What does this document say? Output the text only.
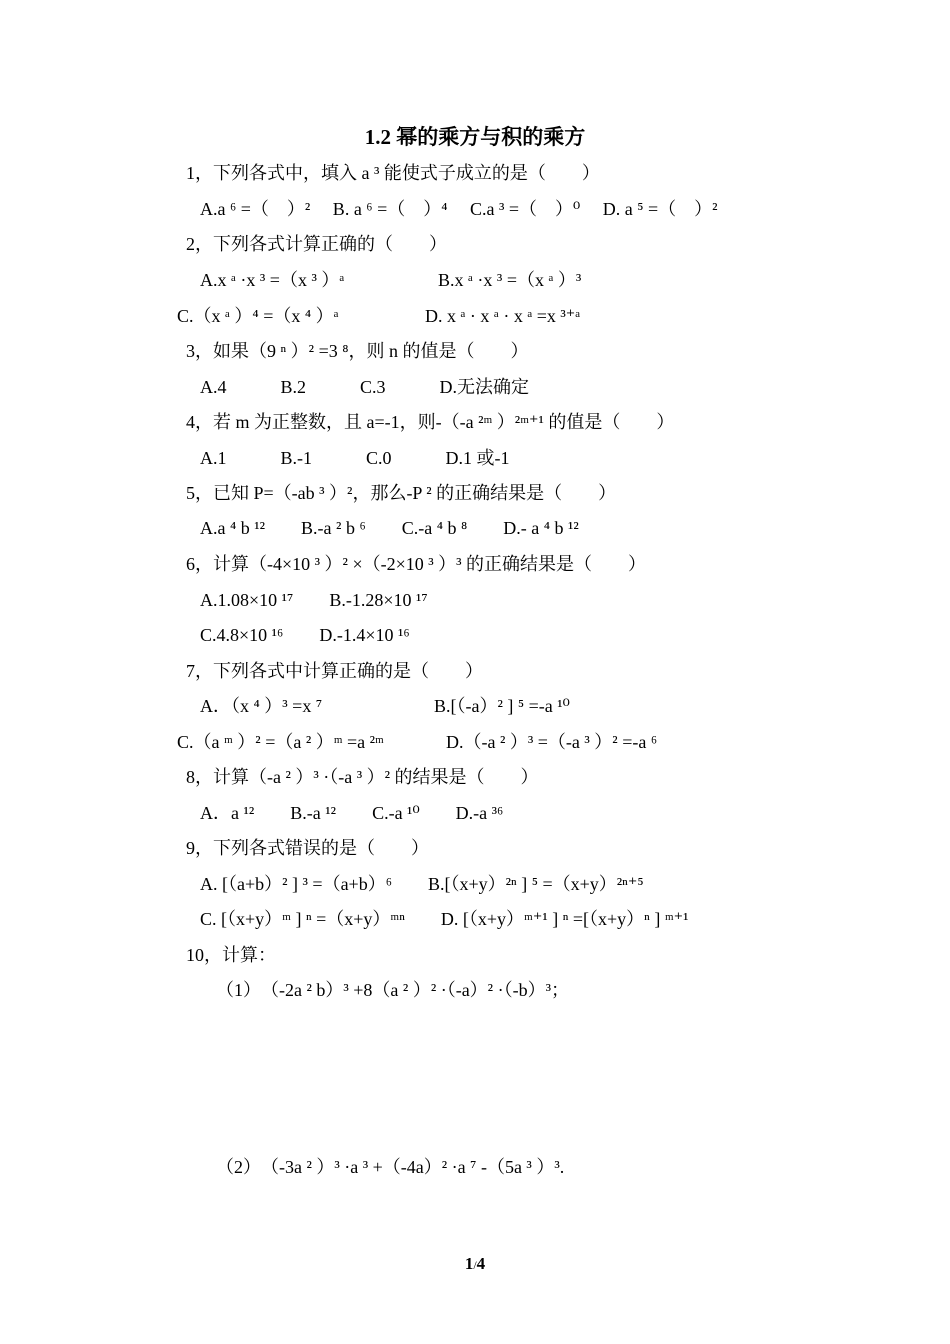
1.2 幂的乘方与积的乘方
1，下列各式中，填入 a ³ 能使式子成立的是（　　）
A.a ⁶ =（　）²　 B. a ⁶ =（　）⁴　 C.a ³ =（　）⁰　 D. a ⁵ =（　）²
2，下列各式计算正确的（　　）
A.x ᵃ ·x ³ =（x ³ ）ᵃ	B.x ᵃ ·x ³ =（x ᵃ ）³
C.（x ᵃ ）⁴ =（x ⁴ ）ᵃ	D. x ᵃ · x ᵃ · x ᵃ =x ³⁺ᵃ
3，如果（9 ⁿ ）² =3 ⁸，则 n 的值是（　　）
A.4　　　B.2　　　C.3　　　D.无法确定
4，若 m 为正整数，且 a=-1，则-（-a ²ᵐ ）²ᵐ⁺¹ 的值是（　　）
A.1　　　B.-1　　　C.0　　　D.1 或-1
5，已知 P=（-ab ³ ）²，那么-P ² 的正确结果是（　　）
A.a ⁴ b ¹²　　B.-a ² b ⁶　　C.-a ⁴ b ⁸　　D.- a ⁴ b ¹²
6，计算（-4×10 ³ ）² ×（-2×10 ³ ）³ 的正确结果是（　　）
A.1.08×10 ¹⁷　　B.-1.28×10 ¹⁷
C.4.8×10 ¹⁶　　D.-1.4×10 ¹⁶
7，下列各式中计算正确的是（　　）
A．（x ⁴ ）³ =x ⁷	B.[（-a）² ] ⁵ =-a ¹⁰
C.（a ᵐ ）² =（a ² ）ᵐ =a ²ᵐ	D.（-a ² ）³ =（-a ³ ）² =-a ⁶
8，计算（-a ² ）³ ·（-a ³ ）² 的结果是（　　）
A．a ¹²　　B.-a ¹²　　C.-a ¹⁰　　D.-a ³⁶
9，下列各式错误的是（　　）
A. [（a+b）² ] ³ =（a+b）⁶　　B.[（x+y）²ⁿ ] ⁵ =（x+y）²ⁿ⁺⁵
C. [（x+y）ᵐ ] ⁿ =（x+y）ᵐⁿ　　D. [（x+y）ᵐ⁺¹ ] ⁿ =[（x+y）ⁿ ] ᵐ⁺¹
10，计算：
（1）　（-2a ² b）³ +8（a ² ）² ·（-a）² ·（-b）³；
（2）　（-3a ² ）³ ·a ³ +（-4a）² ·a ⁷ -（5a ³ ）³.
1/4
